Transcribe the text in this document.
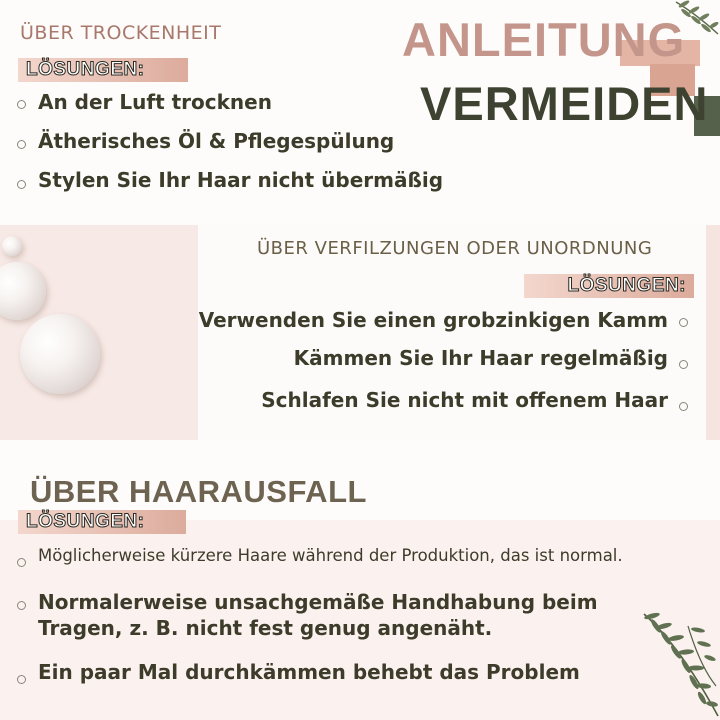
ANLEITUNG
VERMEIDEN
ÜBER TROCKENHEIT
LÖSUNGEN:
An der Luft trocknen
Ätherisches Öl & Pflegespülung
Stylen Sie Ihr Haar nicht übermäßig
ÜBER VERFILZUNGEN ODER UNORDNUNG
LÖSUNGEN:
Verwenden Sie einen grobzinkigen Kamm
Kämmen Sie Ihr Haar regelmäßig
Schlafen Sie nicht mit offenem Haar
ÜBER HAARAUSFALL
LÖSUNGEN:
Möglicherweise kürzere Haare während der Produktion, das ist normal.
Normalerweise unsachgemäße Handhabung beim
Tragen, z. B. nicht fest genug angenäht.
Ein paar Mal durchkämmen behebt das Problem
